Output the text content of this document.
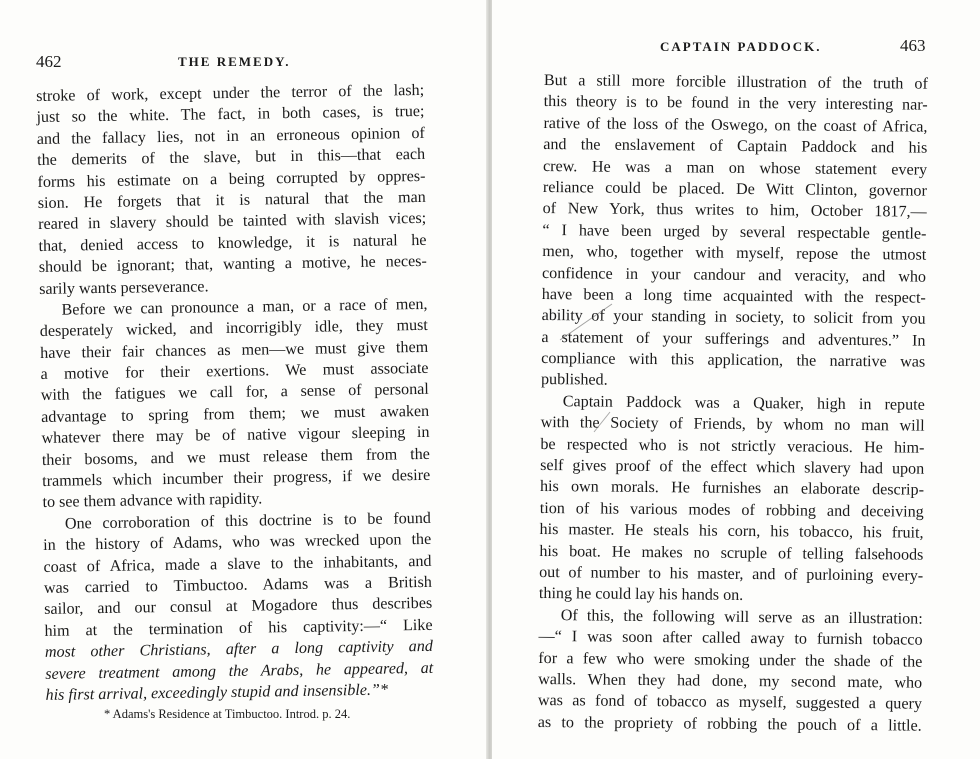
462	THE REMEDY.
stroke of work, except under the terror of the lash;
just so the white. The fact, in both cases, is true;
and the fallacy lies, not in an erroneous opinion of
the demerits of the slave, but in this—that each
forms his estimate on a being corrupted by oppres-
sion. He forgets that it is natural that the man
reared in slavery should be tainted with slavish vices;
that, denied access to knowledge, it is natural he
should be ignorant; that, wanting a motive, he neces-
sarily wants perseverance.
Before we can pronounce a man, or a race of men,
desperately wicked, and incorrigibly idle, they must
have their fair chances as men—we must give them
a motive for their exertions. We must associate
with the fatigues we call for, a sense of personal
advantage to spring from them; we must awaken
whatever there may be of native vigour sleeping in
their bosoms, and we must release them from the
trammels which incumber their progress, if we desire
to see them advance with rapidity.
One corroboration of this doctrine is to be found
in the history of Adams, who was wrecked upon the
coast of Africa, made a slave to the inhabitants, and
was carried to Timbuctoo. Adams was a British
sailor, and our consul at Mogadore thus describes
him at the termination of his captivity:—“ Like
most other Christians, after a long captivity and
severe treatment among the Arabs, he appeared, at
his first arrival, exceedingly stupid and insensible.”*
* Adams's Residence at Timbuctoo. Introd. p. 24.
CAPTAIN PADDOCK.	463
But a still more forcible illustration of the truth of
this theory is to be found in the very interesting nar-
rative of the loss of the Oswego, on the coast of Africa,
and the enslavement of Captain Paddock and his
crew. He was a man on whose statement every
reliance could be placed. De Witt Clinton, governor
of New York, thus writes to him, October 1817,—
“ I have been urged by several respectable gentle-
men, who, together with myself, repose the utmost
confidence in your candour and veracity, and who
have been a long time acquainted with the respect-
ability of your standing in society, to solicit from you
a statement of your sufferings and adventures.” In
compliance with this application, the narrative was
published.
Captain Paddock was a Quaker, high in repute
with the Society of Friends, by whom no man will
be respected who is not strictly veracious. He him-
self gives proof of the effect which slavery had upon
his own morals. He furnishes an elaborate descrip-
tion of his various modes of robbing and deceiving
his master. He steals his corn, his tobacco, his fruit,
his boat. He makes no scruple of telling falsehoods
out of number to his master, and of purloining every-
thing he could lay his hands on.
Of this, the following will serve as an illustration:
—“ I was soon after called away to furnish tobacco
for a few who were smoking under the shade of the
walls. When they had done, my second mate, who
was as fond of tobacco as myself, suggested a query
as to the propriety of robbing the pouch of a little.
